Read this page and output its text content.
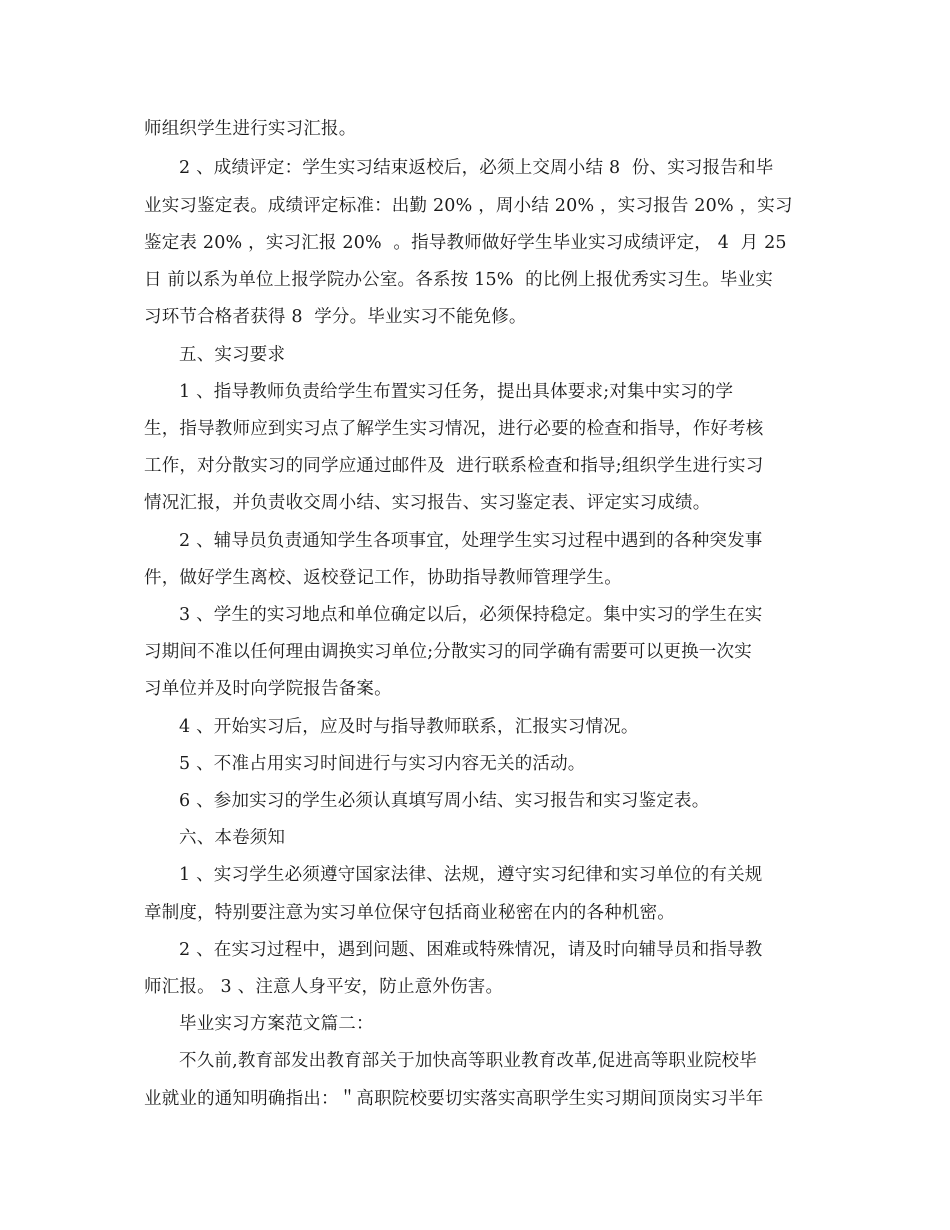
师组织学生进行实习汇报。
2 、成绩评定：学生实习结束返校后，必须上交周小结 8  份、实习报告和毕
业实习鉴定表。成绩评定标准：出勤 20% ，周小结 20% ，实习报告 20% ，实习
鉴定表 20% ，实习汇报 20%  。指导教师做好学生毕业实习成绩评定， 4  月 25
日 前以系为单位上报学院办公室。各系按 15%  的比例上报优秀实习生。毕业实
习环节合格者获得 8  学分。毕业实习不能免修。
五、实习要求
1 、指导教师负责给学生布置实习任务，提出具体要求;对集中实习的学
生，指导教师应到实习点了解学生实习情况，进行必要的检查和指导，作好考核
工作，对分散实习的同学应通过邮件及  进行联系检查和指导;组织学生进行实习
情况汇报，并负责收交周小结、实习报告、实习鉴定表、评定实习成绩。
2 、辅导员负责通知学生各项事宜，处理学生实习过程中遇到的各种突发事
件，做好学生离校、返校登记工作，协助指导教师管理学生。
3 、学生的实习地点和单位确定以后，必须保持稳定。集中实习的学生在实
习期间不准以任何理由调换实习单位;分散实习的同学确有需要可以更换一次实
习单位并及时向学院报告备案。
4 、开始实习后，应及时与指导教师联系，汇报实习情况。
5 、不准占用实习时间进行与实习内容无关的活动。
6 、参加实习的学生必须认真填写周小结、实习报告和实习鉴定表。
六、本卷须知
1 、实习学生必须遵守国家法律、法规，遵守实习纪律和实习单位的有关规
章制度，特别要注意为实习单位保守包括商业秘密在内的各种机密。
2 、在实习过程中，遇到问题、困难或特殊情况，请及时向辅导员和指导教
师汇报。 3 、注意人身平安，防止意外伤害。
毕业实习方案范文篇二：
不久前,教育部发出教育部关于加快高等职业教育改革,促进高等职业院校毕
业就业的通知明确指出：＂高职院校要切实落实高职学生实习期间顶岗实习半年
